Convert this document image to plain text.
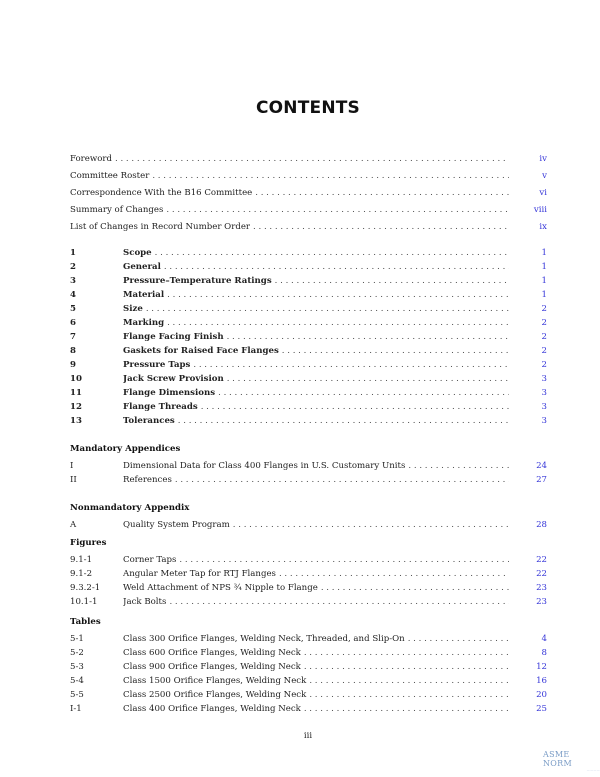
CONTENTS
Foreword . . .	iv
Committee Roster . . .	v
Correspondence With the B16 Committee . . .	vi
Summary of Changes . . .	viii
List of Changes in Record Number Order . . .	ix
1	Scope . . .	1
2	General . . .	1
3	Pressure–Temperature Ratings . . .	1
4	Material . . .	1
5	Size . . .	2
6	Marking . . .	2
7	Flange Facing Finish . . .	2
8	Gaskets for Raised Face Flanges . . .	2
9	Pressure Taps . . .	2
10	Jack Screw Provision . . .	3
11	Flange Dimensions . . .	3
12	Flange Threads . . .	3
13	Tolerances . . .	3
Mandatory Appendices
I	Dimensional Data for Class 400 Flanges in U.S. Customary Units . . .	24
II	References . . .	27
Nonmandatory Appendix
A	Quality System Program . . .	28
Figures
9.1-1	Corner Taps . . .	22
9.1-2	Angular Meter Tap for RTJ Flanges . . .	22
9.3.2-1	Weld Attachment of NPS ¾ Nipple to Flange . . .	23
10.1-1	Jack Bolts . . .	23
Tables
5-1	Class 300 Orifice Flanges, Welding Neck, Threaded, and Slip-On . . .	4
5-2	Class 600 Orifice Flanges, Welding Neck . . .	8
5-3	Class 900 Orifice Flanges, Welding Neck . . .	12
5-4	Class 1500 Orifice Flanges, Welding Neck . . .	16
5-5	Class 2500 Orifice Flanges, Welding Neck . . .	20
I-1	Class 400 Orifice Flanges, Welding Neck . . .	25
iii
ASME NORM
————
